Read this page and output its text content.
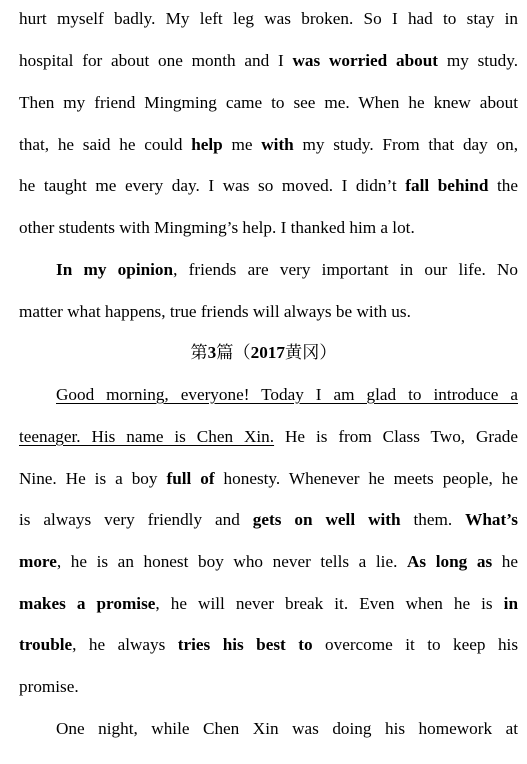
hurt myself badly. My left leg was broken. So I had to stay in
hospital for about one month and I was worried about my study.
Then my friend Mingming came to see me. When he knew about
that, he said he could help me with my study. From that day on,
he taught me every day. I was so moved. I didn’t fall behind the
other students with Mingming’s help. I thanked him a lot.
In my opinion, friends are very important in our life. No
matter what happens, true friends will always be with us.
第3篇（2017黄冈）
Good morning, everyone! Today I am glad to introduce a
teenager. His name is Chen Xin. He is from Class Two, Grade
Nine. He is a boy full of honesty. Whenever he meets people, he
is always very friendly and gets on well with them. What’s
more, he is an honest boy who never tells a lie. As long as he
makes a promise, he will never break it. Even when he is in
trouble, he always tries his best to overcome it to keep his
promise.
One night, while Chen Xin was doing his homework at
